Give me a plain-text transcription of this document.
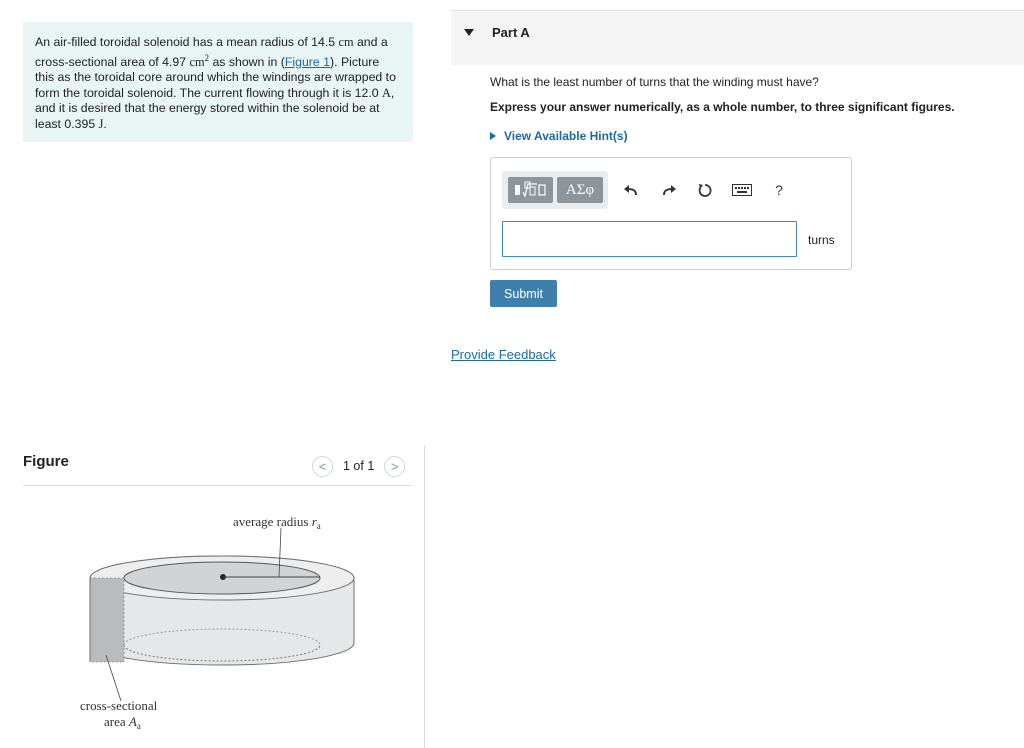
An air-filled toroidal solenoid has a mean radius of 14.5 cm and a cross-sectional area of 4.97 $cm^2$ as shown in (Figure 1). Picture this as the toroidal core around which the windings are wrapped to form the toroidal solenoid. The current flowing through it is 12.0 A, and it is desired that the energy stored within the solenoid be at least 0.395 J.
Figure	< 1 of 1 >
average radius $r_a$
cross-sectional
area $A_a$
Part A
What is the least number of turns that the winding must have?
Express your answer numerically, as a whole number, to three significant figures.
View Available Hint(s)
ΑΣφ	?
turns
Submit
Provide Feedback
